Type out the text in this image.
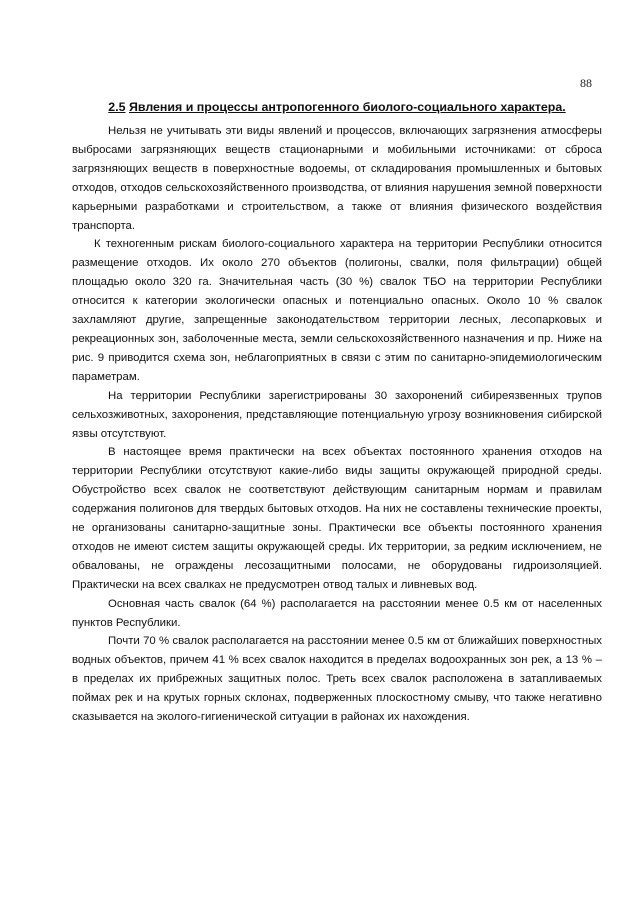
88
2.5 Явления и процессы антропогенного биолого-социального характера.

Нельзя не учитывать эти виды явлений и процессов, включающих загрязнения атмосферы выбросами загрязняющих веществ стационарными и мобильными источниками: от сброса загрязняющих веществ в поверхностные водоемы, от складирования промышленных и бытовых отходов, отходов сельскохозяйственного производства, от влияния нарушения земной поверхности карьерными разработками и строительством, а также от влияния физического воздействия транспорта.

К техногенным рискам биолого-социального характера на территории Республики относится размещение отходов. Их около 270 объектов (полигоны, свалки, поля фильтрации) общей площадью около 320 га. Значительная часть (30 %) свалок ТБО на территории Республики относится к категории экологически опасных и потенциально опасных. Около 10 % свалок захламляют другие, запрещенные законодательством территории лесных, лесопарковых и рекреационных зон, заболоченные места, земли сельскохозяйственного назначения и пр. Ниже на рис. 9 приводится схема зон, неблагоприятных в связи с этим по санитарно-эпидемиологическим параметрам.

На территории Республики зарегистрированы 30 захоронений сибиреязвенных трупов сельхозживотных, захоронения, представляющие потенциальную угрозу возникновения сибирской язвы отсутствуют.

В настоящее время практически на всех объектах постоянного хранения отходов на территории Республики отсутствуют какие-либо виды защиты окружающей природной среды. Обустройство всех свалок не соответствуют действующим санитарным нормам и правилам содержания полигонов для твердых бытовых отходов. На них не составлены технические проекты, не организованы санитарно-защитные зоны. Практически все объекты постоянного хранения отходов не имеют систем защиты окружающей среды. Их территории, за редким исключением, не обвалованы, не ограждены лесозащитными полосами, не оборудованы гидроизоляцией. Практически на всех свалках не предусмотрен отвод талых и ливневых вод.

Основная часть свалок (64 %) располагается на расстоянии менее 0.5 км от населенных пунктов Республики.

Почти 70 % свалок располагается на расстоянии менее 0.5 км от ближайших поверхностных водных объектов, причем 41 % всех свалок находится в пределах водоохранных зон рек, а 13 % – в пределах их прибрежных защитных полос. Треть всех свалок расположена в затапливаемых поймах рек и на крутых горных склонах, подверженных плоскостному смыву, что также негативно сказывается на эколого-гигиенической ситуации в районах их нахождения.
